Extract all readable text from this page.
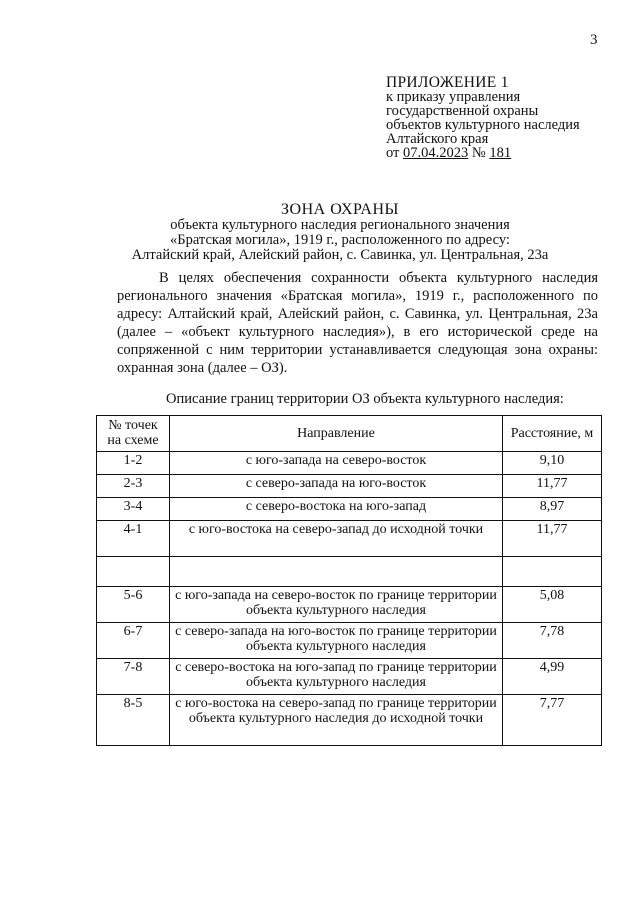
3
ПРИЛОЖЕНИЕ 1
к приказу управления
государственной охраны
объектов культурного наследия
Алтайского края
от 07.04.2023 № 181
ЗОНА ОХРАНЫ
объекта культурного наследия регионального значения
«Братская могила», 1919 г., расположенного по адресу:
Алтайский край, Алейский район, с. Савинка, ул. Центральная, 23а
В целях обеспечения сохранности объекта культурного наследия регионального значения «Братская могила», 1919 г., расположенного по адресу: Алтайский край, Алейский район, с. Савинка, ул. Центральная, 23а (далее – «объект культурного наследия»), в его исторической среде на сопряженной с ним территории устанавливается следующая зона охраны: охранная зона (далее – ОЗ).
Описание границ территории ОЗ объекта культурного наследия:
№ точек
на схеме	Направление	Расстояние, м
1-2	с юго-запада на северо-восток	9,10
2-3	с северо-запада на юго-восток	11,77
3-4	с северо-востока на юго-запад	8,97
4-1	с юго-востока на северо-запад до исходной точки	11,77

5-6	с юго-запада на северо-восток по границе территории объекта культурного наследия	5,08
6-7	с северо-запада на юго-восток по границе территории объекта культурного наследия	7,78
7-8	с северо-востока на юго-запад по границе территории объекта культурного наследия	4,99
8-5	с юго-востока на северо-запад по границе территории объекта культурного наследия до исходной точки	7,77
